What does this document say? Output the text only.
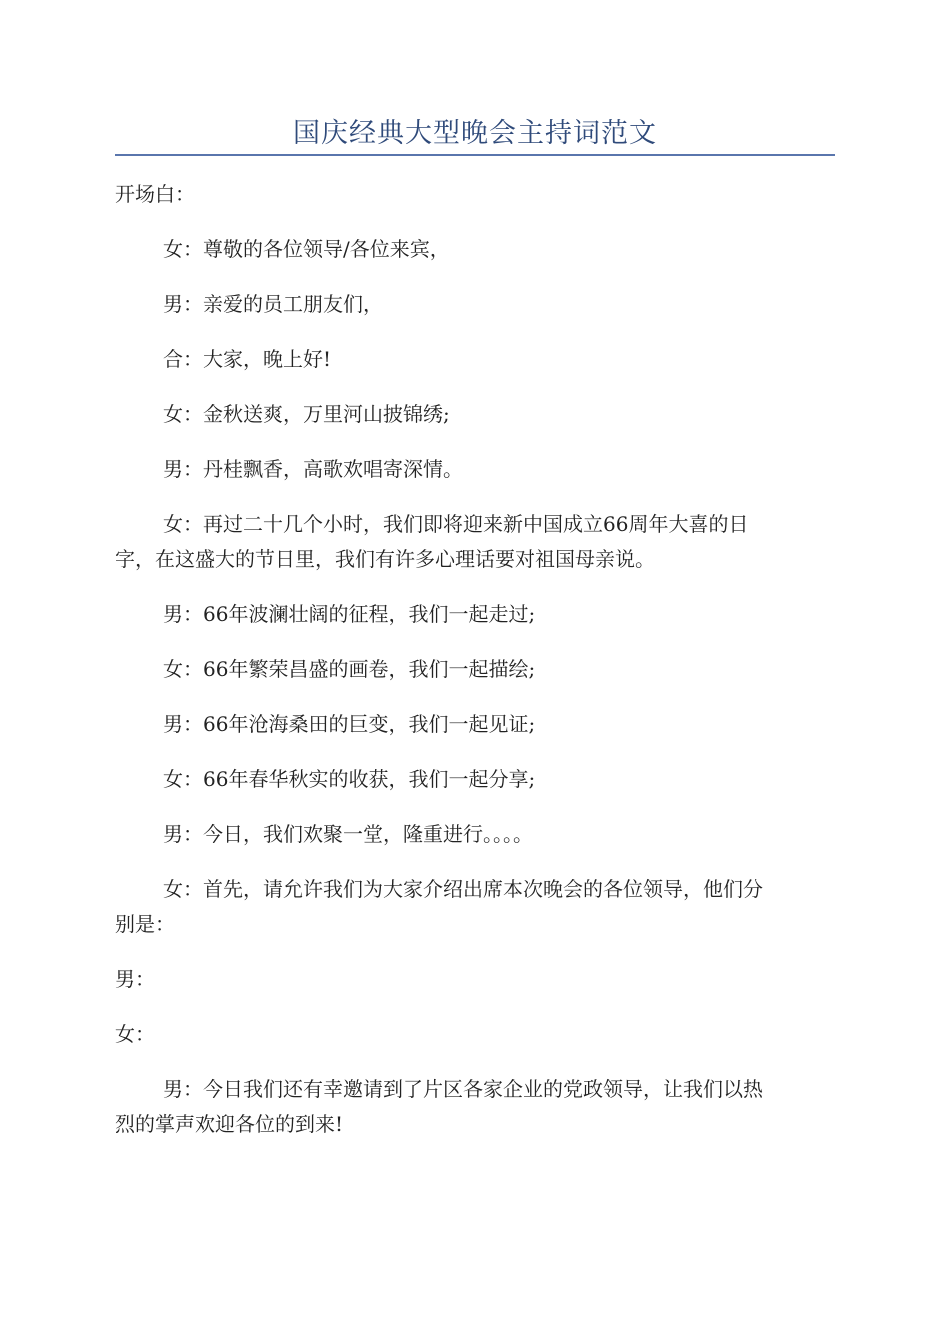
国庆经典大型晚会主持词范文
开场白：
女：尊敬的各位领导/各位来宾，
男：亲爱的员工朋友们，
合：大家，晚上好!
女：金秋送爽，万里河山披锦绣;
男：丹桂飘香，高歌欢唱寄深情。
女：再过二十几个小时，我们即将迎来新中国成立66周年大喜的日
字，在这盛大的节日里，我们有许多心理话要对祖国母亲说。
男：66年波澜壮阔的征程，我们一起走过;
女：66年繁荣昌盛的画卷，我们一起描绘;
男：66年沧海桑田的巨变，我们一起见证;
女：66年春华秋实的收获，我们一起分享;
男：今日，我们欢聚一堂，隆重进行。。。。
女：首先，请允许我们为大家介绍出席本次晚会的各位领导，他们分
别是：
男：
女：
男：今日我们还有幸邀请到了片区各家企业的党政领导，让我们以热
烈的掌声欢迎各位的到来!
